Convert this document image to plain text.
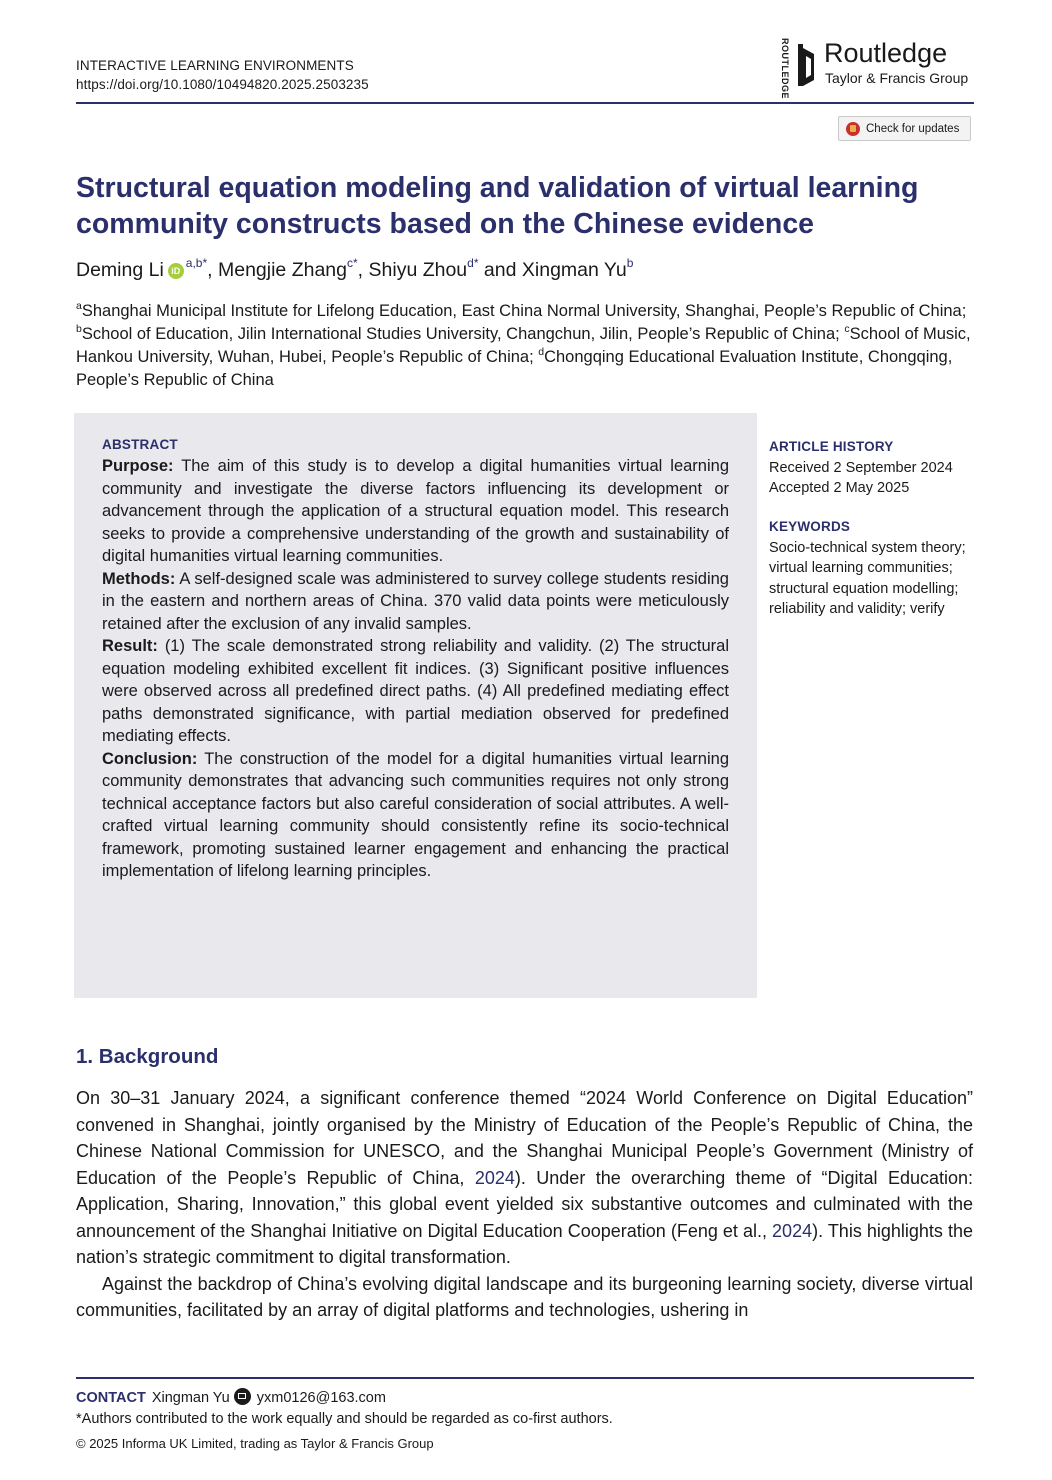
INTERACTIVE LEARNING ENVIRONMENTS
https://doi.org/10.1080/10494820.2025.2503235	ROUTLEDGE Routledge
Taylor & Francis Group
Check for updates
Structural equation modeling and validation of virtual learning
community constructs based on the Chinese evidence
Deming Li $iD^{a,b*}$, Mengjie Zhang$^{c*}$, Shiyu Zhou$^{d*}$ and Xingman Yu$^b$
$^a$Shanghai Municipal Institute for Lifelong Education, East China Normal University, Shanghai, People’s Republic of China; $^b$School of Education, Jilin International Studies University, Changchun, Jilin, People’s Republic of China; $^c$School of Music, Hankou University, Wuhan, Hubei, People’s Republic of China; $^d$Chongqing Educational Evaluation Institute, Chongqing, People’s Republic of China
ABSTRACT

Purpose: The aim of this study is to develop a digital humanities virtual learning community and investigate the diverse factors influencing its development or advancement through the application of a structural equation model. This research seeks to provide a comprehensive understanding of the growth and sustainability of digital humanities virtual learning communities.

Methods: A self-designed scale was administered to survey college students residing in the eastern and northern areas of China. 370 valid data points were meticulously retained after the exclusion of any invalid samples.

Result: (1) The scale demonstrated strong reliability and validity. (2) The structural equation modeling exhibited excellent fit indices. (3) Significant positive influences were observed across all predefined direct paths. (4) All predefined mediating effect paths demonstrated significance, with partial mediation observed for predefined mediating effects.

Conclusion: The construction of the model for a digital humanities virtual learning community demonstrates that advancing such communities requires not only strong technical acceptance factors but also careful consideration of social attributes. A well-crafted virtual learning community should consistently refine its socio-technical framework, promoting sustained learner engagement and enhancing the practical implementation of lifelong learning principles.

ARTICLE HISTORY
Received 2 September 2024
Accepted 2 May 2025
KEYWORDS
Socio-technical system theory; virtual learning communities; structural equation modelling; reliability and validity; verify
1. Background

On 30–31 January 2024, a significant conference themed “2024 World Conference on Digital Education” convened in Shanghai, jointly organised by the Ministry of Education of the People’s Republic of China, the Chinese National Commission for UNESCO, and the Shanghai Municipal People’s Government (Ministry of Education of the People’s Republic of China, 2024). Under the overarching theme of “Digital Education: Application, Sharing, Innovation,” this global event yielded six substantive outcomes and culminated with the announcement of the Shanghai Initiative on Digital Education Cooperation (Feng et al., 2024). This highlights the nation’s strategic commitment to digital transformation.

Against the backdrop of China’s evolving digital landscape and its burgeoning learning society, diverse virtual communities, facilitated by an array of digital platforms and technologies, ushering in

CONTACT Xingman Yu yxm0126@163.com
*Authors contributed to the work equally and should be regarded as co-first authors.
© 2025 Informa UK Limited, trading as Taylor & Francis Group
